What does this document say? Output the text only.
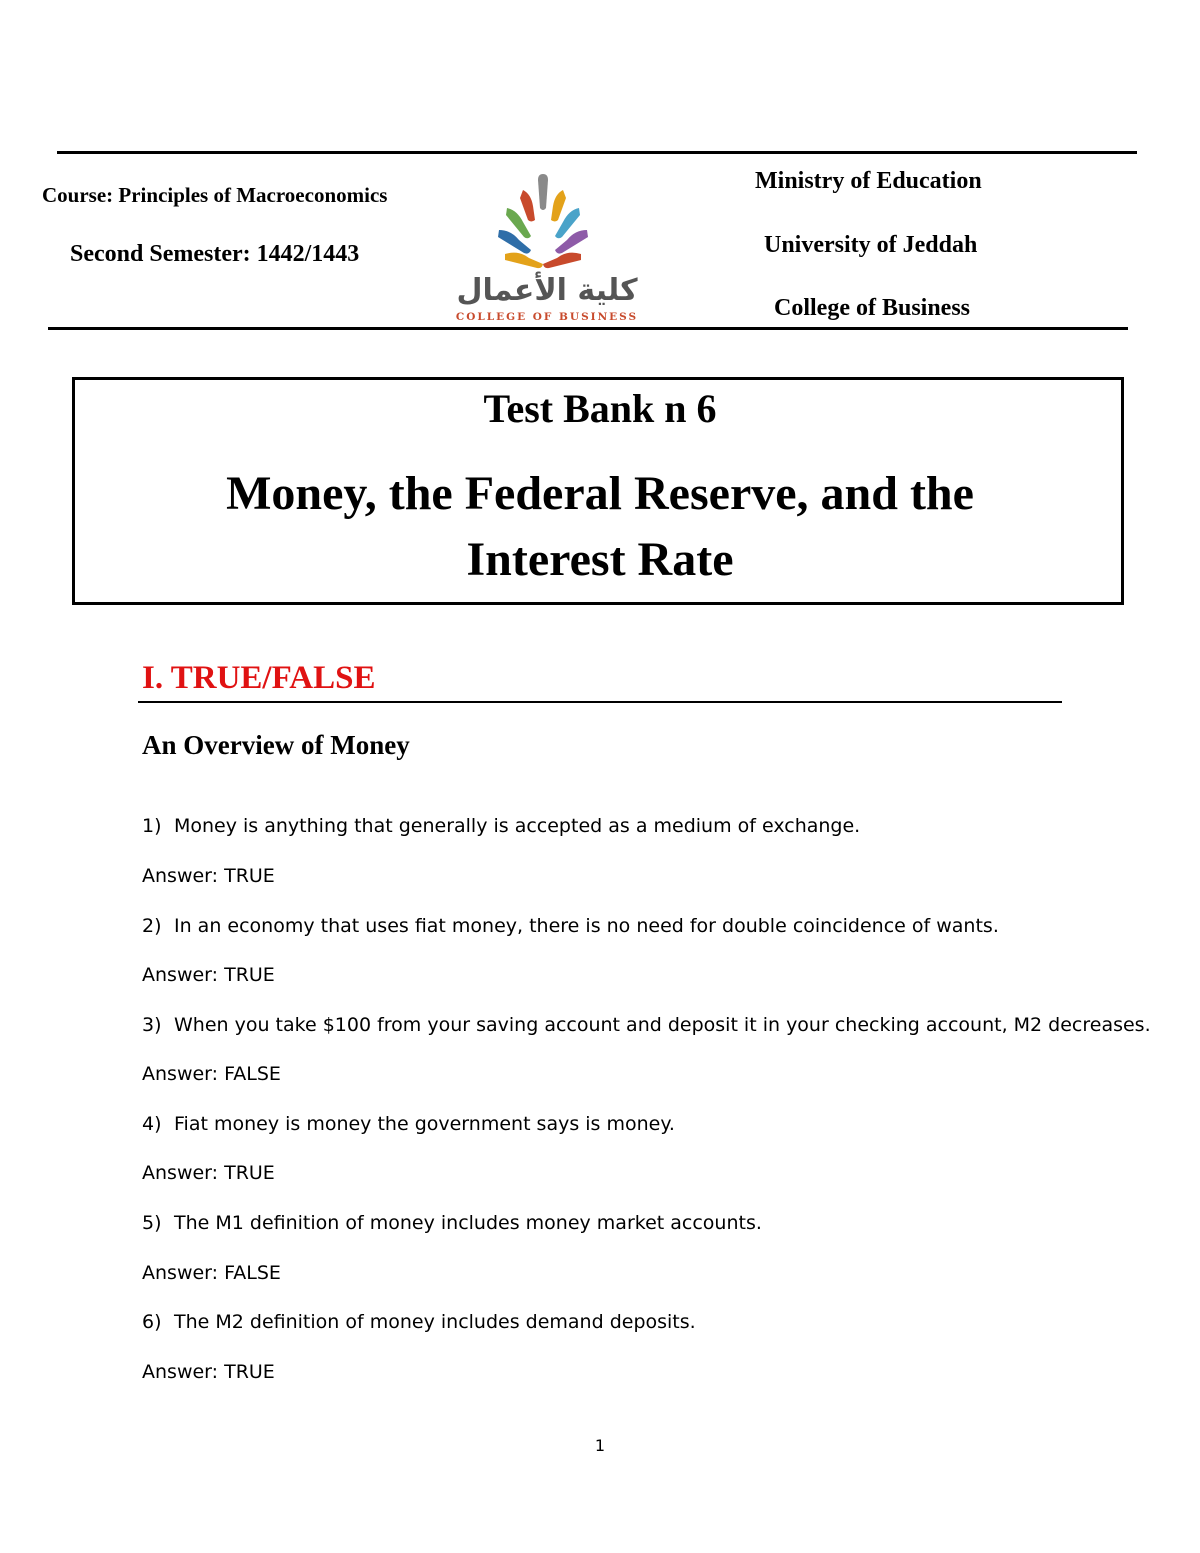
Course: Principles of Macroeconomics
Second Semester: 1442/1443
Ministry of Education
University of Jeddah
College of Business
كلية الأعمال
COLLEGE OF BUSINESS
Test Bank n 6
Money, the Federal Reserve, and the
Interest Rate
I. TRUE/FALSE
An Overview of Money
1) Money is anything that generally is accepted as a medium of exchange.
Answer: TRUE
2) In an economy that uses fiat money, there is no need for double coincidence of wants.
Answer: TRUE
3) When you take $100 from your saving account and deposit it in your checking account, M2 decreases.
Answer: FALSE
4) Fiat money is money the government says is money.
Answer: TRUE
5) The M1 definition of money includes money market accounts.
Answer: FALSE
6) The M2 definition of money includes demand deposits.
Answer: TRUE
1
